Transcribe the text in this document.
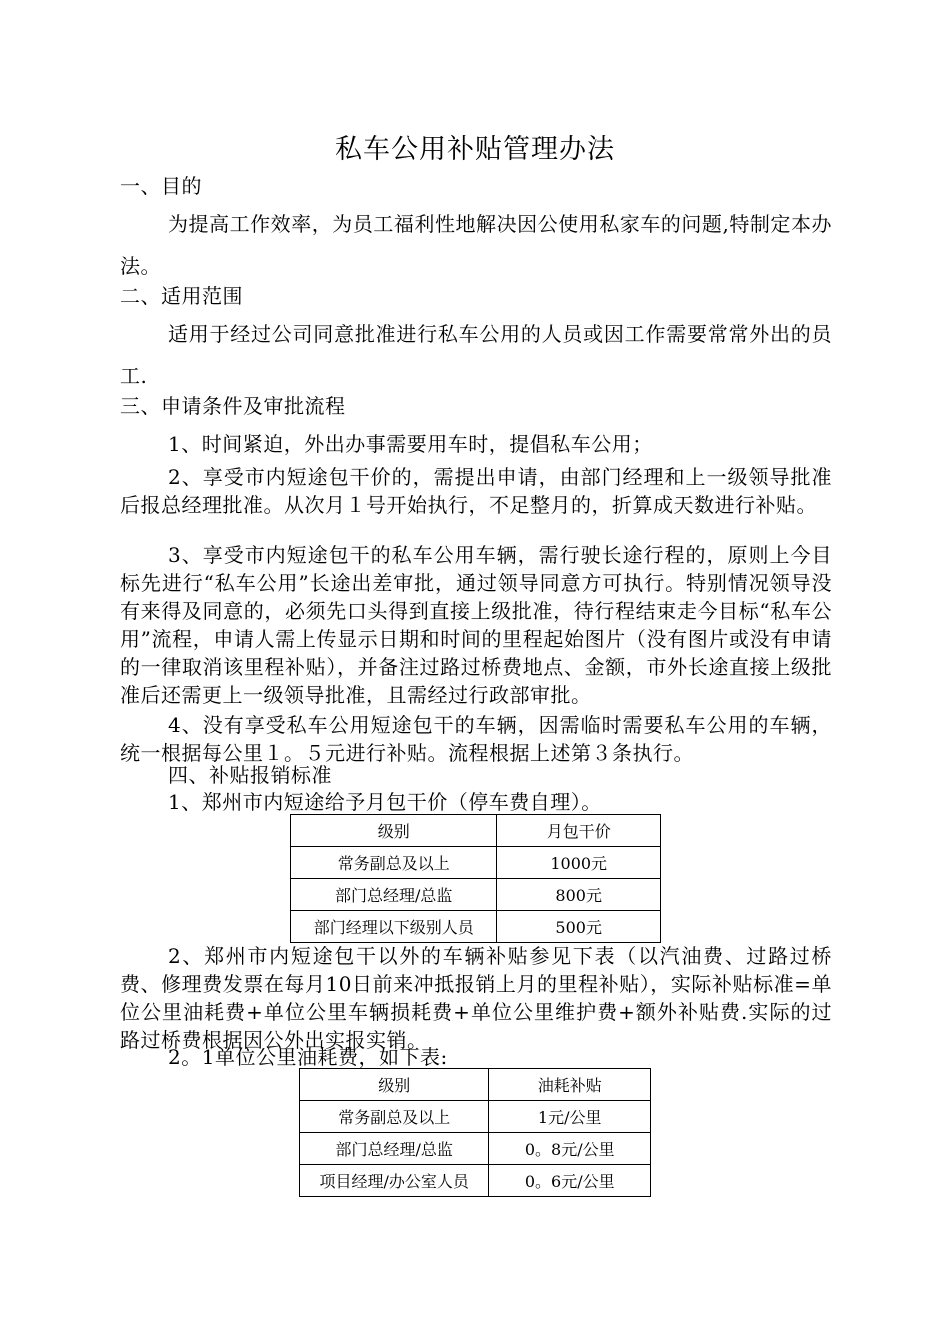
私车公用补贴管理办法
一、目的
为提高工作效率，为员工福利性地解决因公使用私家车的问题,特制定本办法。
二、适用范围
适用于经过公司同意批准进行私车公用的人员或因工作需要常常外出的员工.
三、申请条件及审批流程
1、时间紧迫，外出办事需要用车时，提倡私车公用；
2、享受市内短途包干价的，需提出申请，由部门经理和上一级领导批准后报总经理批准。从次月１号开始执行，不足整月的，折算成天数进行补贴。
3、享受市内短途包干的私车公用车辆，需行驶长途行程的，原则上今目标先进行“私车公用”长途出差审批，通过领导同意方可执行。特别情况领导没有来得及同意的，必须先口头得到直接上级批准，待行程结束走今目标“私车公用”流程，申请人需上传显示日期和时间的里程起始图片（没有图片或没有申请的一律取消该里程补贴），并备注过路过桥费地点、金额，市外长途直接上级批准后还需更上一级领导批准，且需经过行政部审批。
4、没有享受私车公用短途包干的车辆，因需临时需要私车公用的车辆，统一根据每公里１。５元进行补贴。流程根据上述第３条执行。
四、补贴报销标准
1、郑州市内短途给予月包干价（停车费自理）。
级别	月包干价
常务副总及以上	1000元
部门总经理/总监	800元
部门经理以下级别人员	500元
2、郑州市内短途包干以外的车辆补贴参见下表（以汽油费、过路过桥费、修理费发票在每月10日前来冲抵报销上月的里程补贴），实际补贴标准=单位公里油耗费+单位公里车辆损耗费+单位公里维护费+额外补贴费.实际的过路过桥费根据因公外出实报实销。
2。1单位公里油耗费，如下表:
级别	油耗补贴
常务副总及以上	1元/公里
部门总经理/总监	0。8元/公里
项目经理/办公室人员	0。6元/公里
